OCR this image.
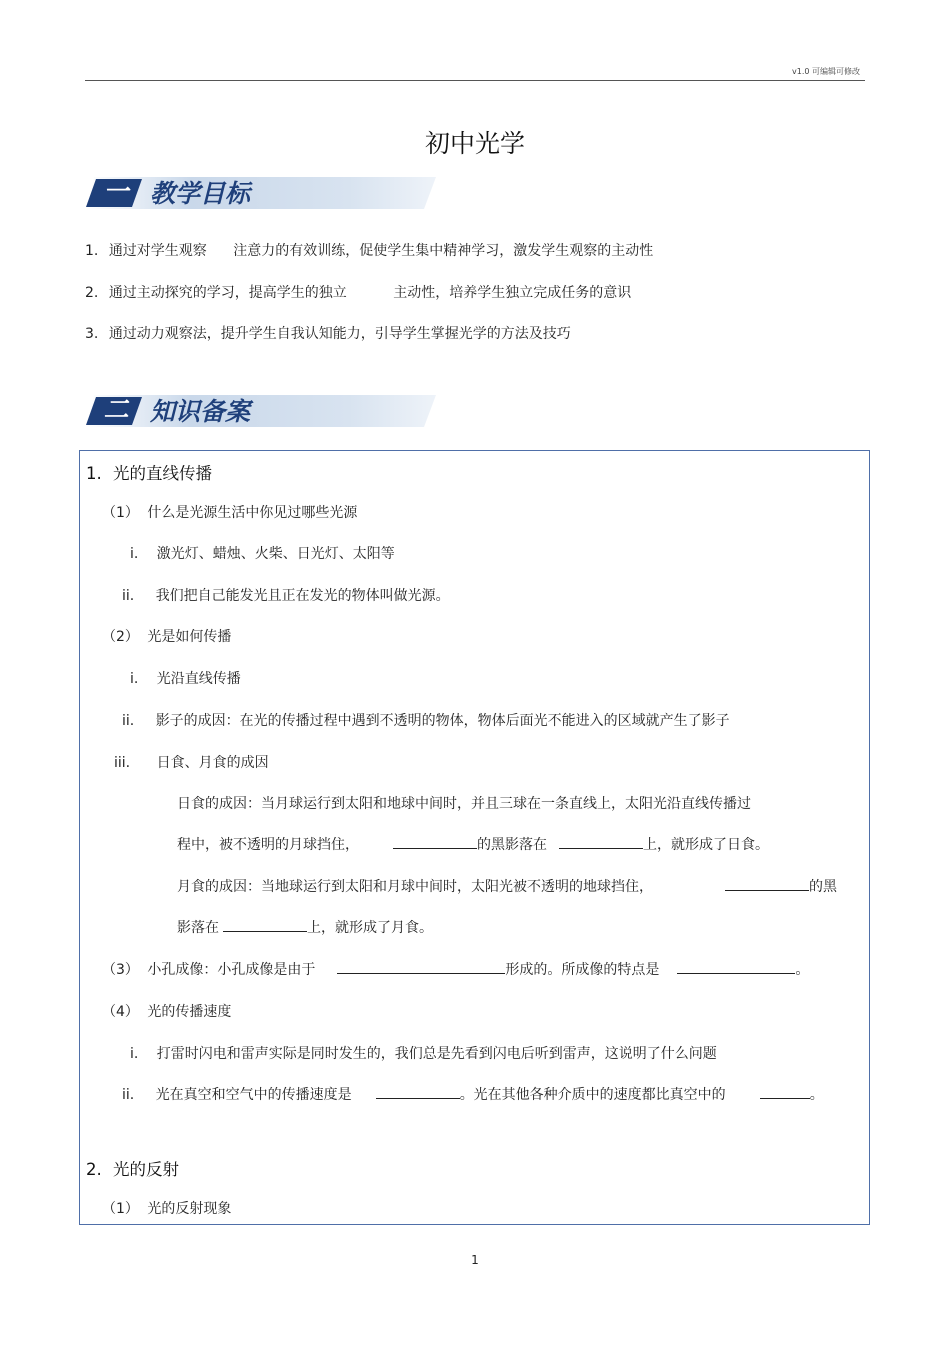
v1.0 可编辑可修改
初中光学
一 教学目标
1. 通过对学生观察 注意力的有效训练，促使学生集中精神学习，激发学生观察的主动性
2. 通过主动探究的学习，提高学生的独立	主动性，培养学生独立完成任务的意识
3. 通过动力观察法，提升学生自我认知能力，引导学生掌握光学的方法及技巧
二 知识备案
1. 光的直线传播
（1） 什么是光源生活中你见过哪些光源
i. 激光灯、蜡烛、火柴、日光灯、太阳等
ii. 我们把自己能发光且正在发光的物体叫做光源。
（2） 光是如何传播
i. 光沿直线传播
ii. 影子的成因：在光的传播过程中遇到不透明的物体，物体后面光不能进入的区域就产生了影子
iii. 日食、月食的成因
日食的成因：当月球运行到太阳和地球中间时，并且三球在一条直线上，太阳光沿直线传播过
程中，被不透明的月球挡住，	的黑影落在	上，就形成了日食。
月食的成因：当地球运行到太阳和月球中间时，太阳光被不透明的地球挡住，	的黑
影落在	上，就形成了月食。
（3） 小孔成像：小孔成像是由于	形成的。所成像的特点是	。
（4） 光的传播速度
i. 打雷时闪电和雷声实际是同时发生的，我们总是先看到闪电后听到雷声，这说明了什么问题
ii. 光在真空和空气中的传播速度是	。光在其他各种介质中的速度都比真空中的	。
2. 光的反射
（1） 光的反射现象
1
